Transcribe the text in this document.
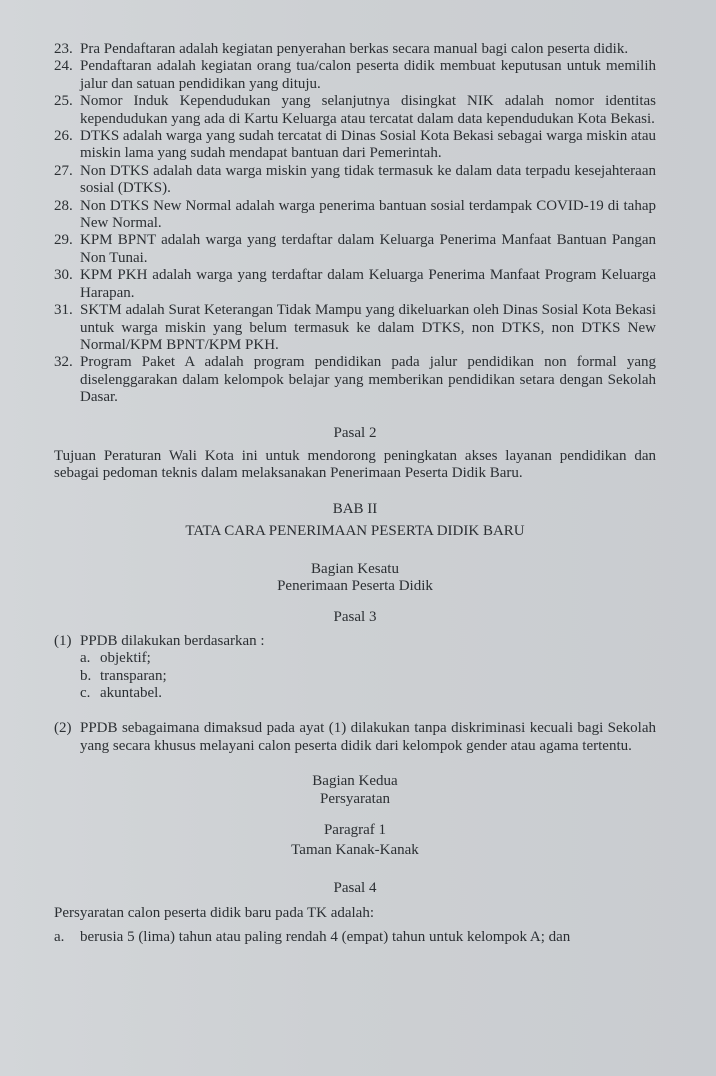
23. Pra Pendaftaran adalah kegiatan penyerahan berkas secara manual bagi calon peserta didik.
24. Pendaftaran adalah kegiatan orang tua/calon peserta didik membuat keputusan untuk memilih jalur dan satuan pendidikan yang dituju.
25. Nomor Induk Kependudukan yang selanjutnya disingkat NIK adalah nomor identitas kependudukan yang ada di Kartu Keluarga atau tercatat dalam data kependudukan Kota Bekasi.
26. DTKS adalah warga yang sudah tercatat di Dinas Sosial Kota Bekasi sebagai warga miskin atau miskin lama yang sudah mendapat bantuan dari Pemerintah.
27. Non DTKS adalah data warga miskin yang tidak termasuk ke dalam data terpadu kesejahteraan sosial (DTKS).
28. Non DTKS New Normal adalah warga penerima bantuan sosial terdampak COVID-19 di tahap New Normal.
29. KPM BPNT adalah warga yang terdaftar dalam Keluarga Penerima Manfaat Bantuan Pangan Non Tunai.
30. KPM PKH adalah warga yang terdaftar dalam Keluarga Penerima Manfaat Program Keluarga Harapan.
31. SKTM adalah Surat Keterangan Tidak Mampu yang dikeluarkan oleh Dinas Sosial Kota Bekasi untuk warga miskin yang belum termasuk ke dalam DTKS, non DTKS, non DTKS New Normal/KPM BPNT/KPM PKH.
32. Program Paket A adalah program pendidikan pada jalur pendidikan non formal yang diselenggarakan dalam kelompok belajar yang memberikan pendidikan setara dengan Sekolah Dasar.
Pasal 2
Tujuan Peraturan Wali Kota ini untuk mendorong peningkatan akses layanan pendidikan dan sebagai pedoman teknis dalam melaksanakan Penerimaan Peserta Didik Baru.
BAB II
TATA CARA PENERIMAAN PESERTA DIDIK BARU
Bagian Kesatu
Penerimaan Peserta Didik
Pasal 3
(1) PPDB dilakukan berdasarkan :
a. objektif;
b. transparan;
c. akuntabel.
(2) PPDB sebagaimana dimaksud pada ayat (1) dilakukan tanpa diskriminasi kecuali bagi Sekolah yang secara khusus melayani calon peserta didik dari kelompok gender atau agama tertentu.
Bagian Kedua
Persyaratan
Paragraf 1
Taman Kanak-Kanak
Pasal 4
Persyaratan calon peserta didik baru pada TK adalah:
a.	berusia 5 (lima) tahun atau paling rendah 4 (empat) tahun untuk kelompok A; dan
